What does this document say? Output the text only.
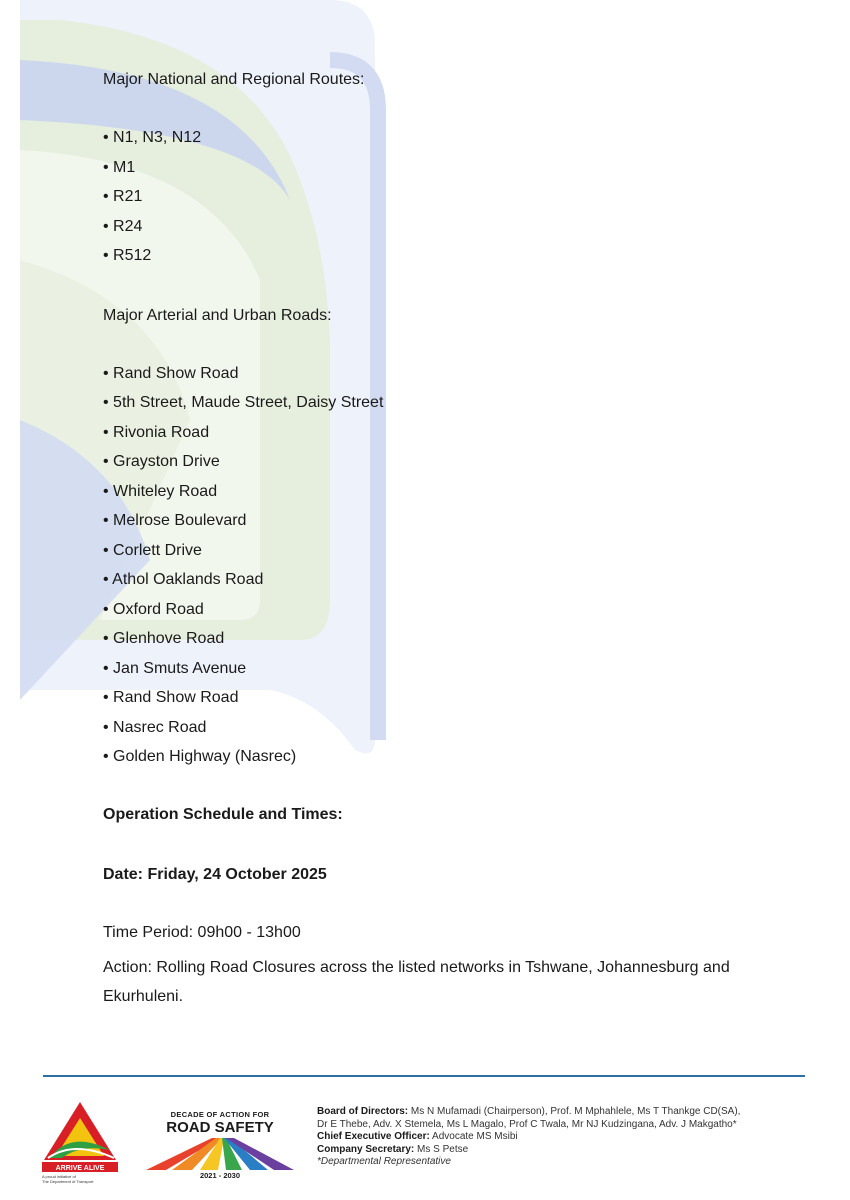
Major National and Regional Routes:

• N1, N3, N12
• M1
• R21
• R24
• R512

Major Arterial and Urban Roads:

• Rand Show Road
• 5th Street, Maude Street, Daisy Street
• Rivonia Road
• Grayston Drive
• Whiteley Road
• Melrose Boulevard
• Corlett Drive
• Athol Oaklands Road
• Oxford Road
• Glenhove Road
• Jan Smuts Avenue
• Rand Show Road
• Nasrec Road
• Golden Highway (Nasrec)

Operation Schedule and Times:

Date: Friday, 24 October 2025

Time Period: 09h00 - 13h00

Action: Rolling Road Closures across the listed networks in Tshwane, Johannesburg and Ekurhuleni.

ARRIVE ALIVE
A proud initiative of
The Department of Transport
DECADE OF ACTION FOR
ROAD SAFETY
2021 - 2030
Board of Directors: Ms N Mufamadi (Chairperson), Prof. M Mphahlele, Ms T Thankge CD(SA),
Dr E Thebe, Adv. X Stemela, Ms L Magalo, Prof C Twala, Mr NJ Kudzingana, Adv. J Makgatho*
Chief Executive Officer: Advocate MS Msibi
Company Secretary: Ms S Petse
*Departmental Representative
